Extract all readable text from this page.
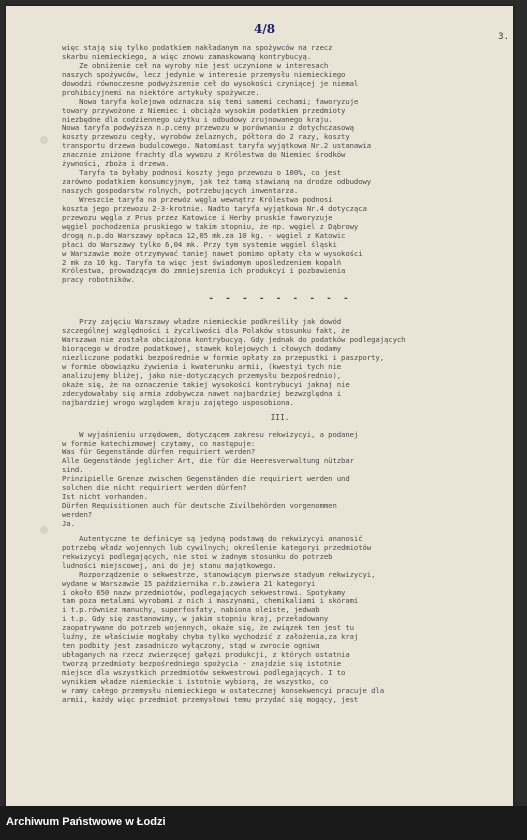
4/8
3.
więc stają się tylko podatkiem nakładanym na spożywców na rzecz
skarbu niemieckiego, a więc znowu zamaskowaną kontrybucyą.
Ze obniżenie ceł na wyroby nie jest uczynione w interesach
naszych spożywców, lecz jedynie w interesie przemysłu niemieckiego
dowodzi równoczesne podwyższenie ceł do wysokości czyniącej je niemal
prohibicyjnemi na niektóre artykuły spożywcze.
Nowa taryfa kolejowa odznacza się temi samemi cechami; faworyzuje
towary przywożone z Niemiec i obciąża wysokim podatkiem przedmioty
niezbędne dla codziennego użytku i odbudowy zrujnowanego kraju.
Nowa taryfa podwyższa n.p.ceny przewozu w porównaniu z dotychczasową
koszty przewozu cegły, wyrobów żelaznych, półtora do 2 razy, koszty
transportu drzewa budulcowego. Natomiast taryfa wyjątkowa Nr.2 ustanawia
znacznie zniżone frachty dla wywozu z Królestwa do Niemiec środków
żywności, zboża i drzewa.
Taryfa ta byłaby podnosi koszty jego przewozu o 100%, co jest
zarówno podatkiem konsumcyjnym, jak też tamą stawianą na drodze odbudowy
naszych gospodarstw rolnych, potrzebujących inwentarza.
Wreszcie taryfa na przewóz węgla wewnątrz Królestwa podnosi
koszta jego przewozu 2-3-krotnie. Nadto taryfa wyjątkowa Nr.4 dotycząca
przewozu węgla z Prus przez Katowice i Herby pruskie faworyzuje
węgiel pochodzenia pruskiego w takim stopniu, że np. węgiel z Dąbrowy
drogą n.p.do Warszawy opłaca 12,05 mk.za 10 kg. - węgiel z Katowic
płaci do Warszawy tylko 6,04 mk. Przy tym systemie węgiel śląski
w Warszawie może otrzymywać taniej nawet pomimo opłaty cła w wysokości
2 mk za 10 kg. Taryfa ta więc jest świadomym upośledzeniem kopalń
Królestwa, prowadzącym do zmniejszenia ich produkcyi i pozbawienia
pracy robotników.
- - - - - - - - -
Przy zajęciu Warszawy władze niemieckie podkreśliły jak dowód
szczególnej względności i życzliwości dla Polaków stosunku fakt, że
Warszawa nie została obciążona kontrybucyą. Gdy jednak do podatków podlegających
biorącego w drodze podatkowej, stawek kolejowych i cłowych dodamy
niezliczone podatki bezpośrednie w formie opłaty za przepustki i paszporty,
w formie obowiązku żywienia i kwaterunku armii, (kwestyi tych nie
analizujemy bliżej, jako nie-dotyczących przemysłu bezpośrednio),
okaże się, że na oznaczenie takiej wysokości kontrybucyi jaknaj nie
zdecydowałaby się armia zdobywcza nawet najbardziej bezwzględna i
najbardziej wrogo względem kraju zajętego usposobiona.
III.
W wyjaśnieniu urzędowem, dotyczącem zakresu rekwizycyi, a podanej
w formie katechizmowej czytamy, co następuje:
Was für Gegenstände dürfen requiriert werden?
Alle Gegenstände jeglicher Art, die für die Heeresverwaltung nützbar
sind.
Prinzipielle Grenze zwischen Gegenständen die requiriert werden und
solchen die nicht requiriert werden dürfen?
Ist nicht vorhanden.
Dürfen Requisitionen auch für deutsche Zivilbehörden vorgenommen
werden?
Ja.
Autentyczne te definicye są jedyną podstawą do rekwizycyi ananosić
potrzebę władz wojennych lub cywilnych; określenie kategoryi przedmiotów
rekwizycyi podlegających, nie stoi w żadnym stosunku do potrzeb
ludności miejscowej, ani do jej stanu majątkowego.
Rozporządzenie o sekwestrze, stanowiącym pierwsze stadyum rekwizycyi,
wydane w Warszawie 15 października r.b.zawiera 21 kategoryi
i około 650 nazw przedmiotów, podlegających sekwestrowi. Spotykamy
tam poza metalami wyrobami z nich i maszynami, chemikaliami i skórami
i t.p.równiez manuchy, superfosfaty, nabiona oleiste, jedwab
i t.p. Gdy się zastanowimy, w jakim stopniu kraj, przeładowany
zaopatrywane do potrzeb wojennych, okaże się, że związek ten jest tu
luźny, że właściwie mogłaby chyba tylko wychodzić z założenia,za kraj
ten podbity jest zasadniczo wyłączony, stąd w zwrocie ogniwa
ubłaganych na rzecz zwierzęcej gałęzi produkcji, z których ostatnia
tworzą przedmioty bezpośredniego spożycia - znajdzie się istotnie
miejsce dla wszystkich przedmiotów sekwestrowi podlegających. I to
wynikiem władze niemieckie i istotnie wybiorą, że wszystko, co
w ramy całego przemysłu niemieckiego w ostatecznej konsekwencyi pracuje dla
armii, każdy więc przedmiot przemysłowi temu przydać się mogący, jest
Archiwum Państwowe w Łodzi
